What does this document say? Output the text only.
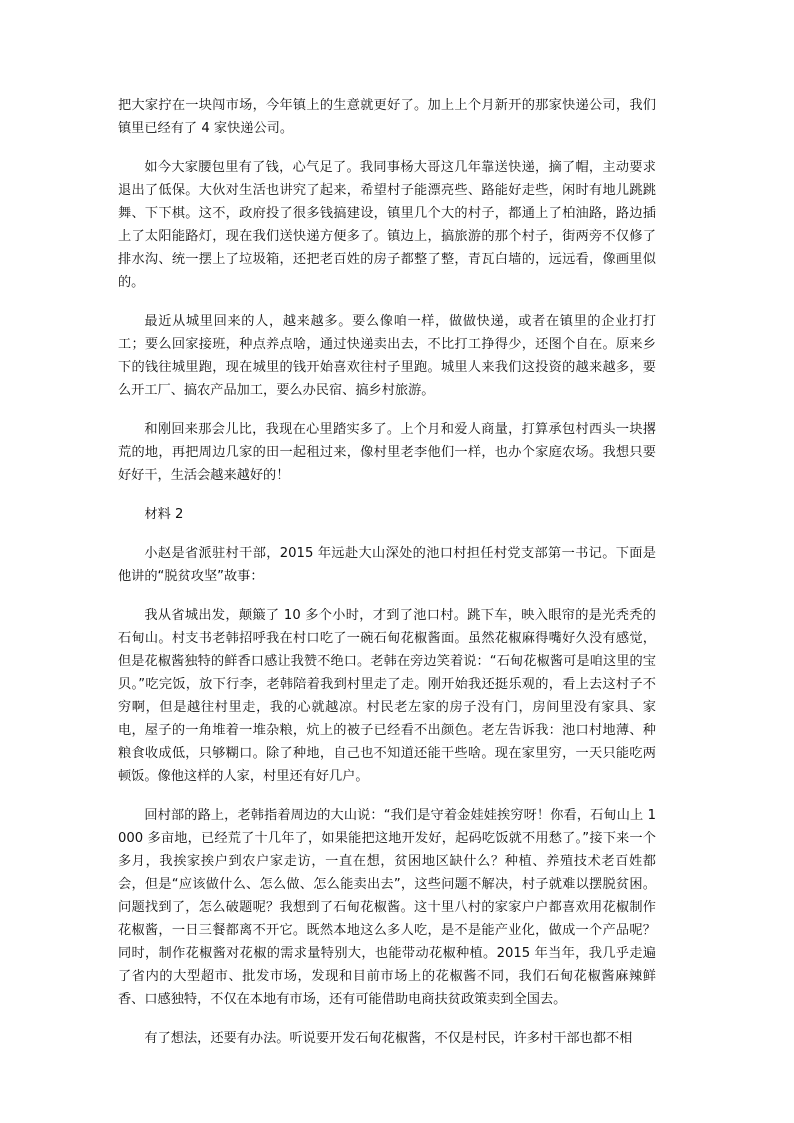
把大家拧在一块闯市场，今年镇上的生意就更好了。加上上个月新开的那家快递公司，我们镇里已经有了 4 家快递公司。

如今大家腰包里有了钱，心气足了。我同事杨大哥这几年靠送快递，摘了帽，主动要求退出了低保。大伙对生活也讲究了起来，希望村子能漂亮些、路能好走些，闲时有地儿跳跳舞、下下棋。这不，政府投了很多钱搞建设，镇里几个大的村子，都通上了柏油路，路边插上了太阳能路灯，现在我们送快递方便多了。镇边上，搞旅游的那个村子，街两旁不仅修了排水沟、统一摆上了垃圾箱，还把老百姓的房子都整了整，青瓦白墙的，远远看，像画里似的。

最近从城里回来的人，越来越多。要么像咱一样，做做快递，或者在镇里的企业打打工；要么回家接班，种点养点啥，通过快递卖出去，不比打工挣得少，还图个自在。原来乡下的钱往城里跑，现在城里的钱开始喜欢往村子里跑。城里人来我们这投资的越来越多，要么开工厂、搞农产品加工，要么办民宿、搞乡村旅游。

和刚回来那会儿比，我现在心里踏实多了。上个月和爱人商量，打算承包村西头一块撂荒的地，再把周边几家的田一起租过来，像村里老李他们一样，也办个家庭农场。我想只要好好干，生活会越来越好的！

材料 2

小赵是省派驻村干部，2015 年远赴大山深处的池口村担任村党支部第一书记。下面是他讲的“脱贫攻坚”故事：

我从省城出发，颠簸了 10 多个小时，才到了池口村。跳下车，映入眼帘的是光秃秃的石甸山。村支书老韩招呼我在村口吃了一碗石甸花椒酱面。虽然花椒麻得嘴好久没有感觉，但是花椒酱独特的鲜香口感让我赞不绝口。老韩在旁边笑着说：“石甸花椒酱可是咱这里的宝贝。”吃完饭，放下行李，老韩陪着我到村里走了走。刚开始我还挺乐观的，看上去这村子不穷啊，但是越往村里走，我的心就越凉。村民老左家的房子没有门，房间里没有家具、家电，屋子的一角堆着一堆杂粮，炕上的被子已经看不出颜色。老左告诉我：池口村地薄、种粮食收成低，只够糊口。除了种地，自己也不知道还能干些啥。现在家里穷，一天只能吃两顿饭。像他这样的人家，村里还有好几户。

回村部的路上，老韩指着周边的大山说：“我们是守着金娃娃挨穷呀！你看，石甸山上 1000 多亩地，已经荒了十几年了，如果能把这地开发好，起码吃饭就不用愁了。”接下来一个多月，我挨家挨户到农户家走访，一直在想，贫困地区缺什么？种植、养殖技术老百姓都会，但是“应该做什么、怎么做、怎么能卖出去”，这些问题不解决，村子就难以摆脱贫困。问题找到了，怎么破题呢？我想到了石甸花椒酱。这十里八村的家家户户都喜欢用花椒制作花椒酱，一日三餐都离不开它。既然本地这么多人吃，是不是能产业化，做成一个产品呢？同时，制作花椒酱对花椒的需求量特别大，也能带动花椒种植。2015 年当年，我几乎走遍了省内的大型超市、批发市场，发现和目前市场上的花椒酱不同，我们石甸花椒酱麻辣鲜香、口感独特，不仅在本地有市场，还有可能借助电商扶贫政策卖到全国去。

有了想法，还要有办法。听说要开发石甸花椒酱，不仅是村民，许多村干部也都不相
